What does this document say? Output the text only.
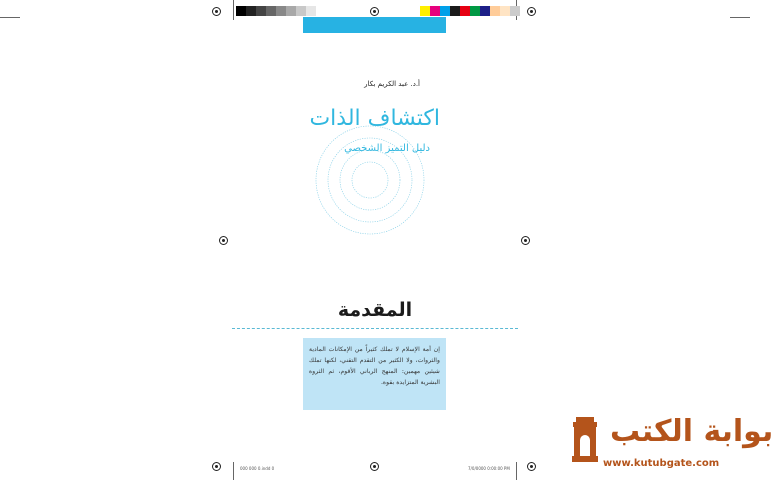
أ.د. عبد الكريم بكار
اكتشاف الذات
دليل التميز الشخصي
المقدمة
إن أمة الإسلام لا تملك كثيراً من الإمكانات المادية والثروات، ولا الكثير من التقدم التقني، لكنها تملك شيئين مهمين: المنهج الرباني الأقوم، ثم الثروة البشرية المتزايدة بقوة.
000 000 0.indd 0	7/0/0000 0:00:00 PM
بوابة الكتب
www.kutubgate.com
